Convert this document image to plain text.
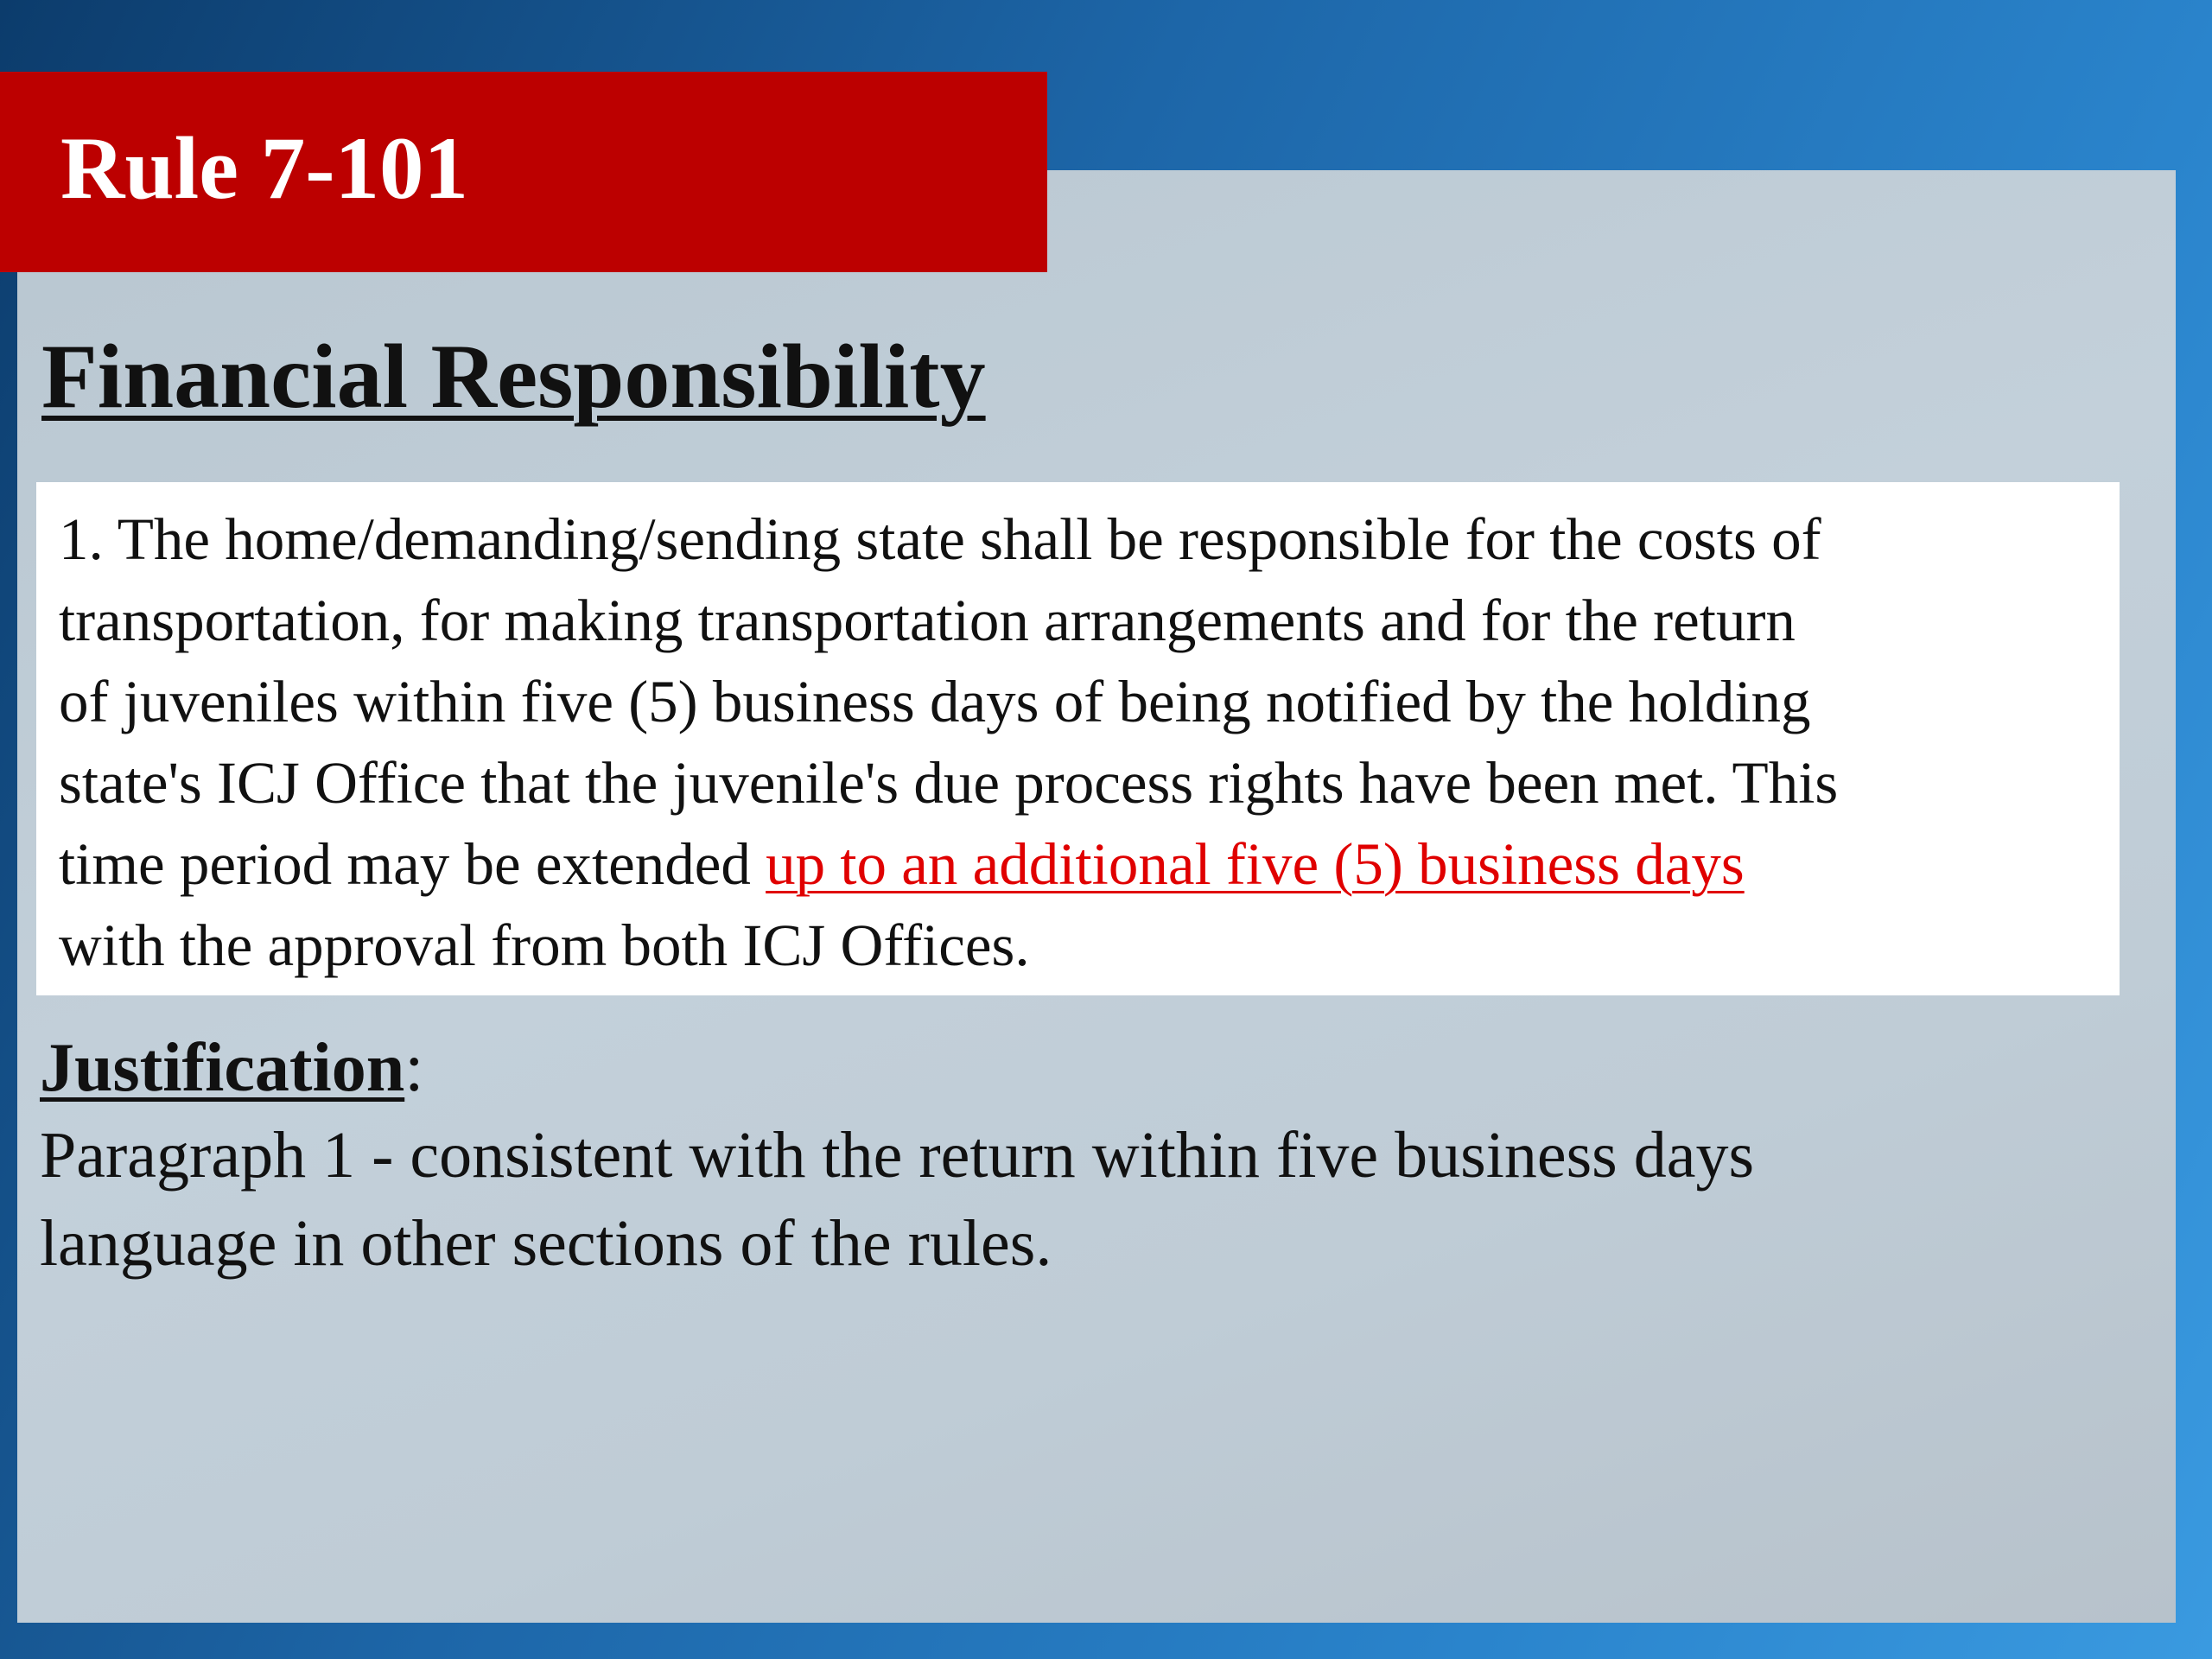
Rule 7-101
Financial Responsibility

1. The home/demanding/sending state shall be responsible for the costs of
transportation, for making transportation arrangements and for the return
of juveniles within five (5) business days of being notified by the holding
state's ICJ Office that the juvenile's due process rights have been met. This
time period may be extended up to an additional five (5) business days
with the approval from both ICJ Offices.

Justification:

Paragraph 1 - consistent with the return within five business days
language in other sections of the rules.
